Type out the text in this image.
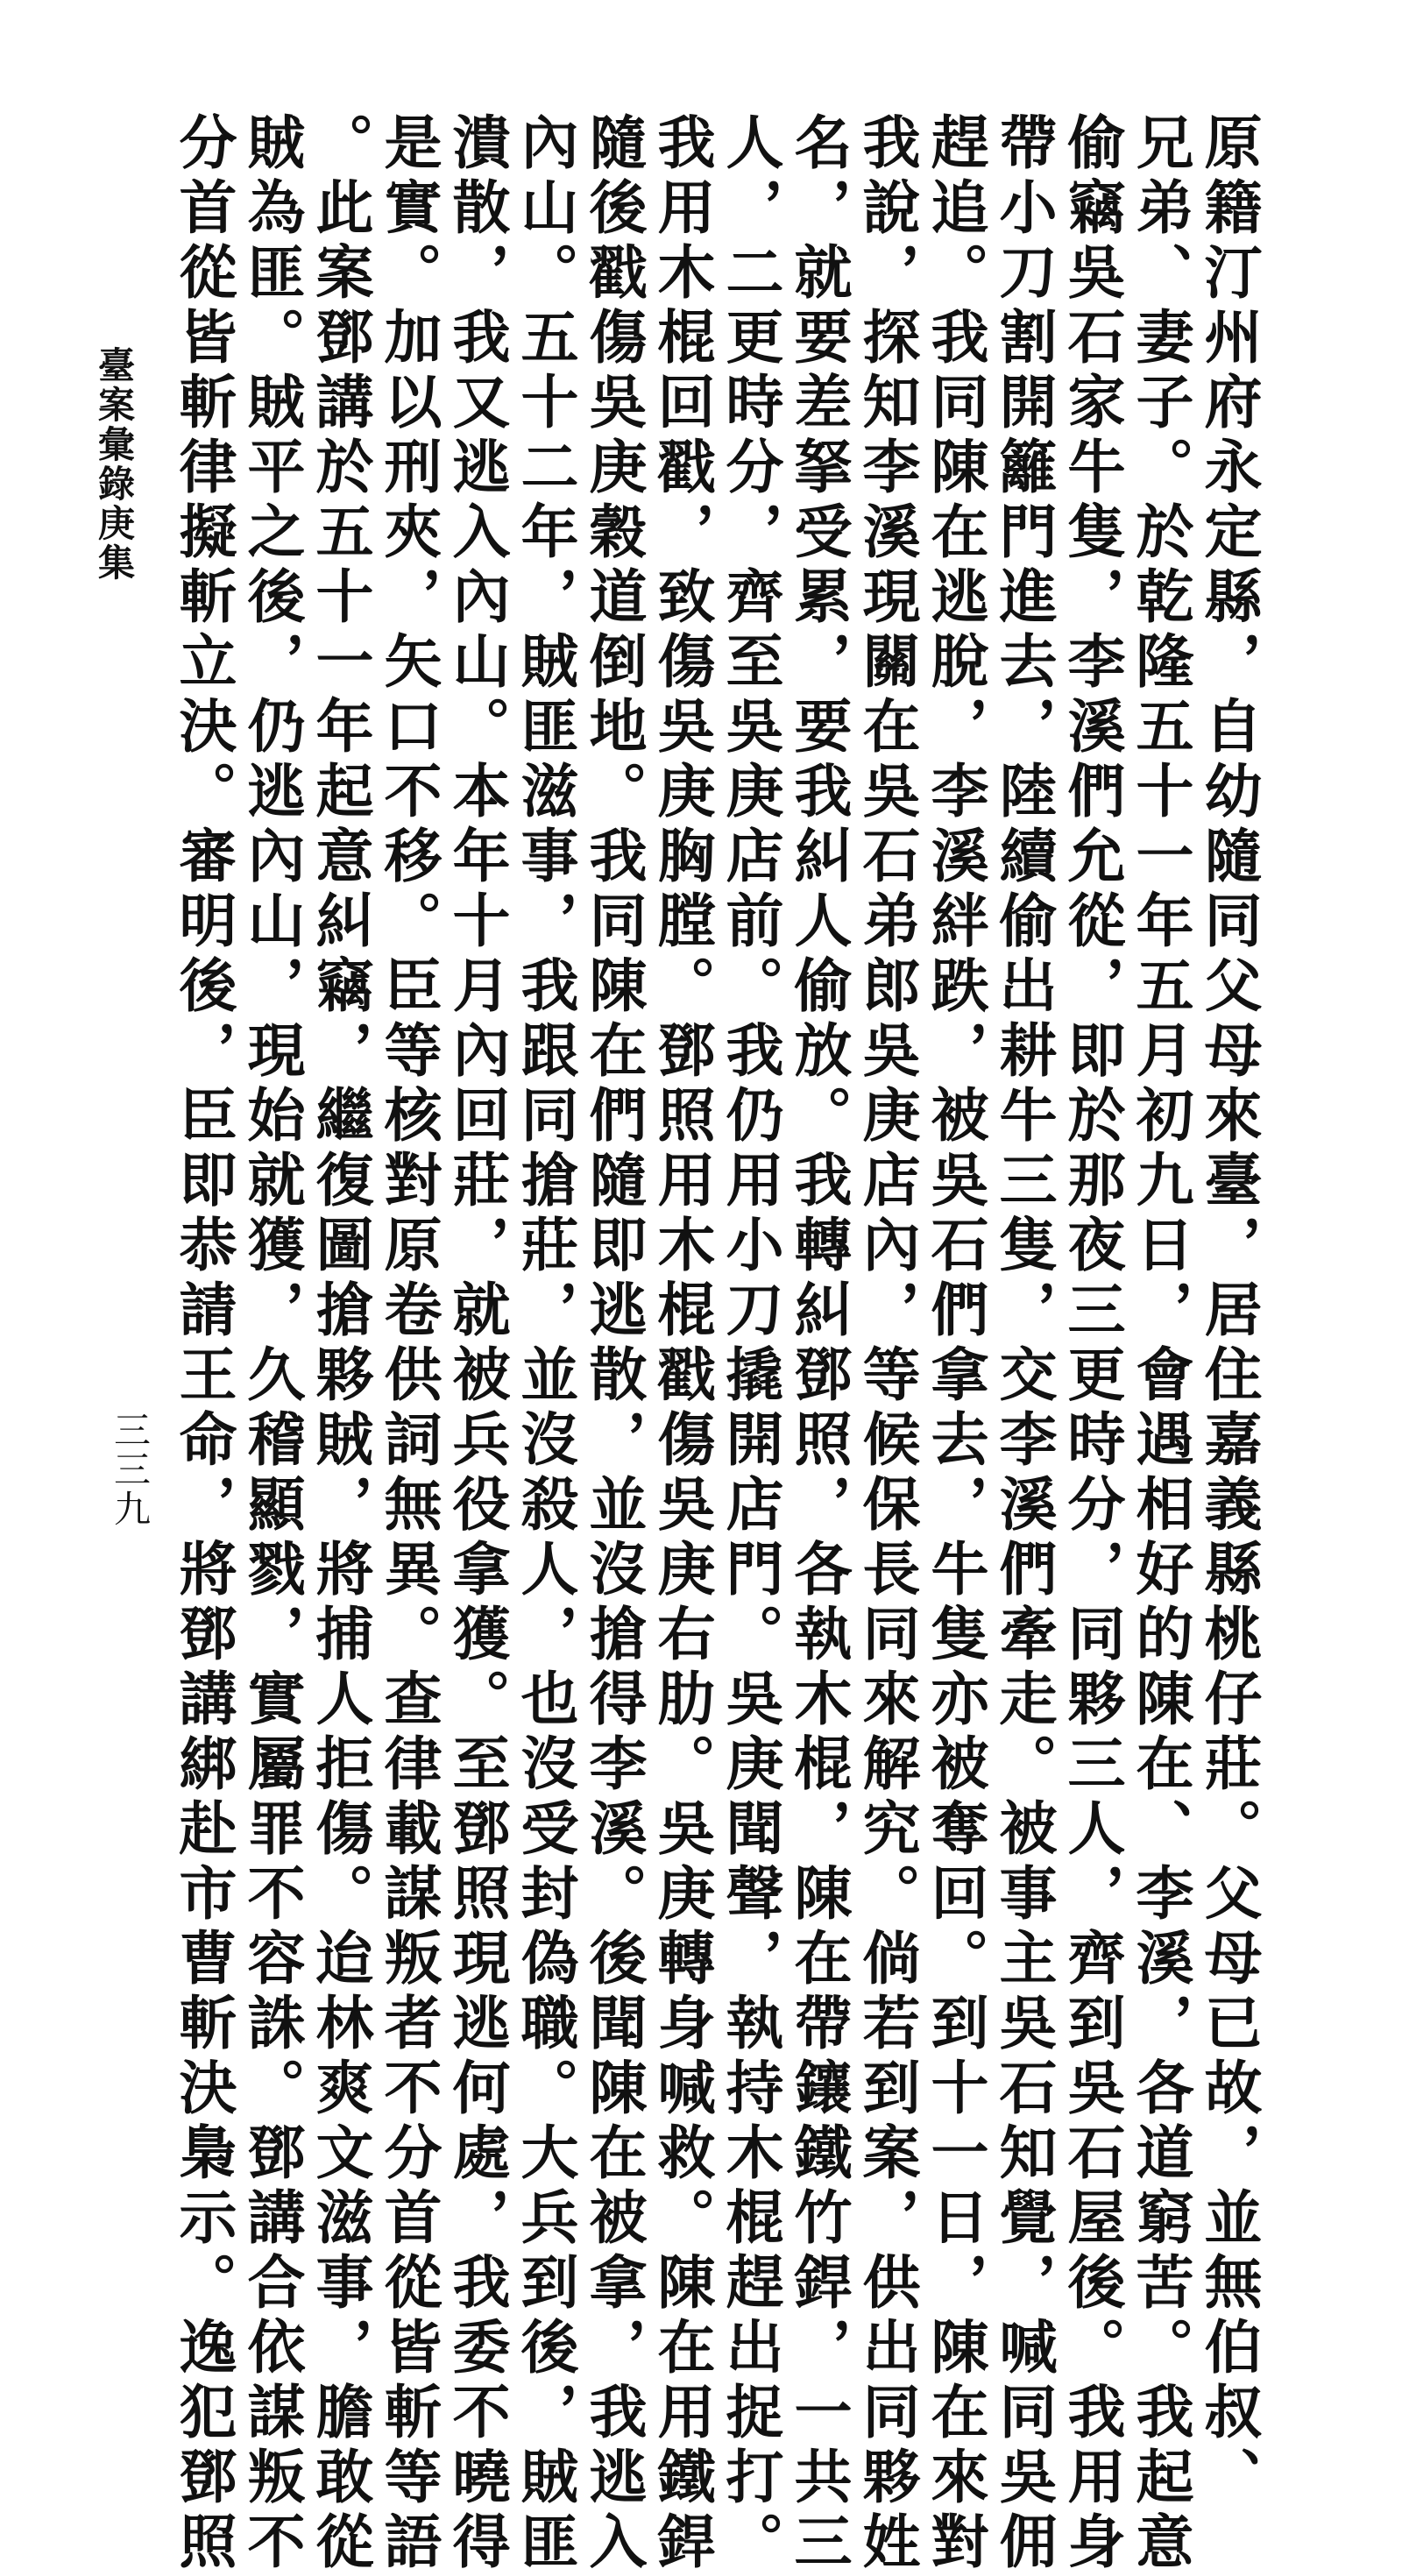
原籍汀州府永定縣，自幼隨同父母來臺，居住嘉義縣桃仔莊。父母已故，並無伯叔、
兄弟、妻子。於乾隆五十一年五月初九日，會遇相好的陳在、李溪，各道窮苦。我起意
偷竊吳石家牛隻，李溪們允從，即於那夜三更時分，同夥三人，齊到吳石屋後。我用身
帶小刀割開籬門進去，陸續偷出耕牛三隻，交李溪們牽走。被事主吳石知覺，喊同吳佣
趕追。我同陳在逃脫，李溪絆跌，被吳石們拿去，牛隻亦被奪回。到十一日，陳在來對
我說，探知李溪現關在吳石弟郎吳庚店內，等候保長同來解究。倘若到案，供出同夥姓
名，就要差拏受累，要我糾人偷放。我轉糾鄧照，各執木棍，陳在帶鑲鐵竹銲，一共三
人，二更時分，齊至吳庚店前。我仍用小刀撬開店門。吳庚聞聲，執持木棍趕出捉打。
我用木棍回戳，致傷吳庚胸膛。鄧照用木棍戳傷吳庚右肋。吳庚轉身喊救。陳在用鐵銲
隨後戳傷吳庚穀道倒地。我同陳在們隨即逃散，並沒搶得李溪。後聞陳在被拿，我逃入
內山。五十二年，賊匪滋事，我跟同搶莊，並沒殺人，也沒受封偽職。大兵到後，賊匪
潰散，我又逃入內山。本年十月內回莊，就被兵役拿獲。至鄧照現逃何處，我委不曉得
是實。加以刑夾，矢口不移。臣等核對原卷供詞無異。查律載謀叛者不分首從皆斬等語
。此案鄧講於五十一年起意糾竊，繼復圖搶夥賊，將捕人拒傷。迨林爽文滋事，膽敢從
賊為匪。賊平之後，仍逃內山，現始就獲，久稽顯戮，實屬罪不容誅。鄧講合依謀叛不
分首從皆斬律擬斬立決。審明後，臣即恭請王命，將鄧講綁赴市曹斬決梟示。逸犯鄧照
臺案彙錄庚集
三三九
